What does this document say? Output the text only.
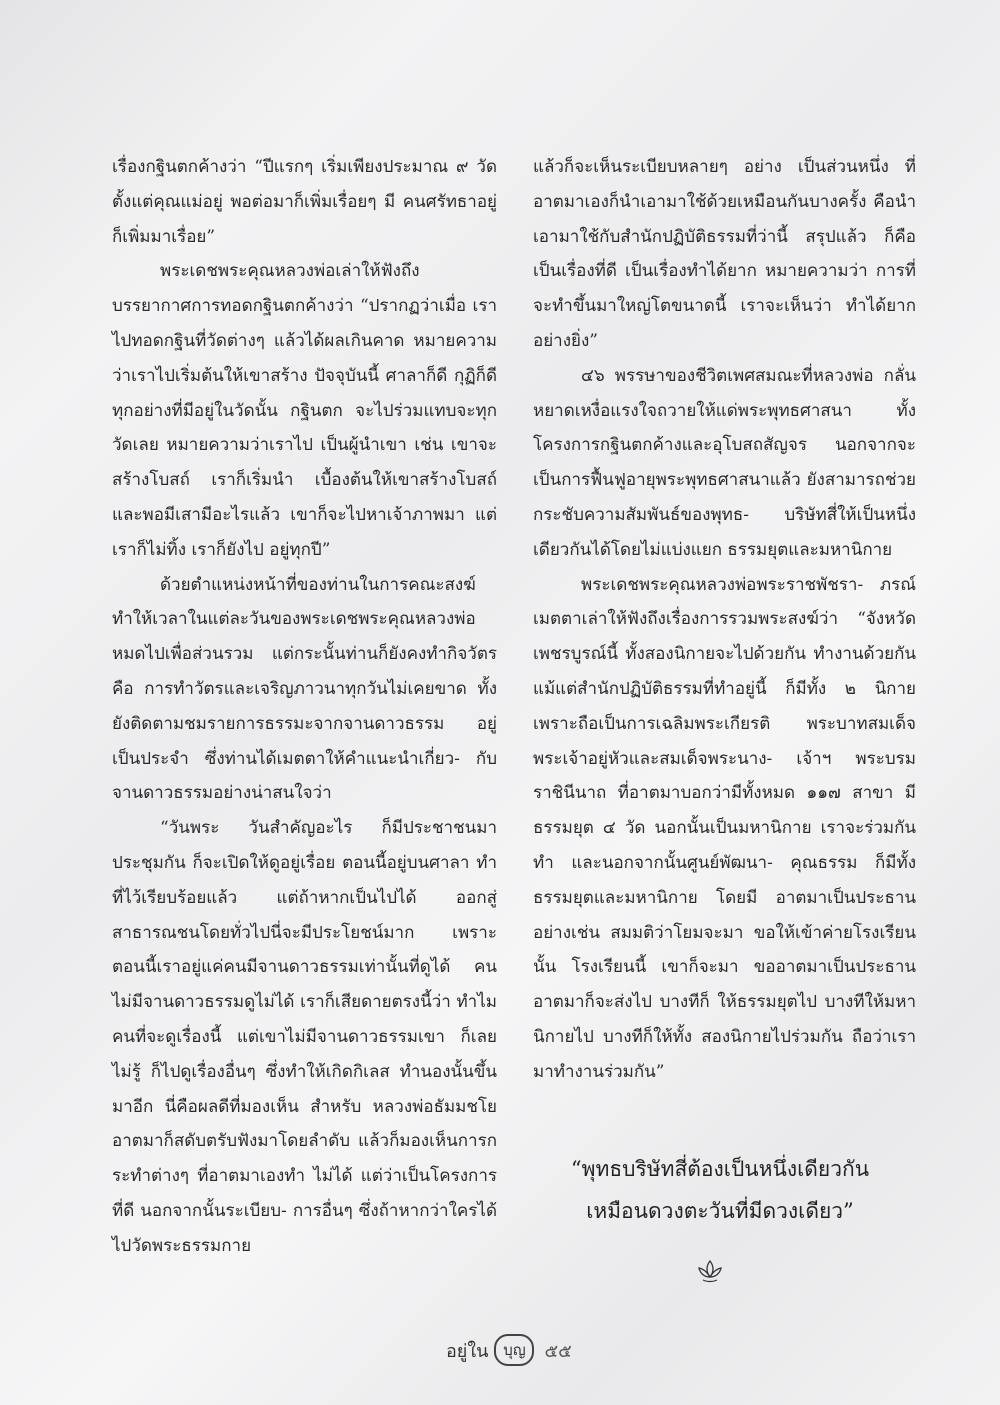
เรื่องกฐินตกค้างว่า “ปีแรกๆ เริ่มเพียงประมาณ ๙ วัด ตั้งแต่คุณแม่อยู่ พอต่อมาก็เพิ่มเรื่อยๆ มี คนศรัทธาอยู่ก็เพิ่มมาเรื่อย”

พระเดชพระคุณหลวงพ่อเล่าให้ฟังถึง บรรยากาศการทอดกฐินตกค้างว่า “ปรากฏว่าเมื่อ เราไปทอดกฐินที่วัดต่างๆ แล้วได้ผลเกินคาด หมายความว่าเราไปเริ่มต้นให้เขาสร้าง ปัจจุบันนี้ ศาลาก็ดี กุฏิก็ดี ทุกอย่างที่มีอยู่ในวัดนั้น กฐินตก จะไปร่วมแทบจะทุกวัดเลย หมายความว่าเราไป เป็นผู้นำเขา เช่น เขาจะสร้างโบสถ์ เราก็เริ่มนำ เบื้องต้นให้เขาสร้างโบสถ์ และพอมีเสามีอะไรแล้ว เขาก็จะไปหาเจ้าภาพมา แต่เราก็ไม่ทิ้ง เราก็ยังไป อยู่ทุกปี”

ด้วยตำแหน่งหน้าที่ของท่านในการคณะสงฆ์ ทำให้เวลาในแต่ละวันของพระเดชพระคุณหลวงพ่อ หมดไปเพื่อส่วนรวม แต่กระนั้นท่านก็ยังคงทำกิจวัตร คือ การทำวัตรและเจริญภาวนาทุกวันไม่เคยขาด ทั้งยังติดตามชมรายการธรรมะจากจานดาวธรรม อยู่เป็นประจำ ซึ่งท่านได้เมตตาให้คำแนะนำเกี่ยว- กับจานดาวธรรมอย่างน่าสนใจว่า

“วันพระ วันสำคัญอะไร ก็มีประชาชนมา ประชุมกัน ก็จะเปิดให้ดูอยู่เรื่อย ตอนนี้อยู่บนศาลา ทำที่ไว้เรียบร้อยแล้ว แต่ถ้าหากเป็นไปได้ ออกสู่ สาธารณชนโดยทั่วไปนี่จะมีประโยชน์มาก เพราะ ตอนนี้เราอยู่แค่คนมีจานดาวธรรมเท่านั้นที่ดูได้ คนไม่มีจานดาวธรรมดูไม่ได้ เราก็เสียดายตรงนี้ว่า ทำไมคนที่จะดูเรื่องนี้ แต่เขาไม่มีจานดาวธรรมเขา ก็เลยไม่รู้ ก็ไปดูเรื่องอื่นๆ ซึ่งทำให้เกิดกิเลส ทำนองนั้นขึ้นมาอีก นี่คือผลดีที่มองเห็น สำหรับ หลวงพ่อธัมมชโย อาตมาก็สดับตรับฟังมาโดยลำดับ แล้วก็มองเห็นการกระทำต่างๆ ที่อาตมาเองทำ ไม่ได้ แต่ว่าเป็นโครงการที่ดี นอกจากนั้นระเบียบ- การอื่นๆ ซึ่งถ้าหากว่าใครได้ไปวัดพระธรรมกาย

แล้วก็จะเห็นระเบียบหลายๆ อย่าง เป็นส่วนหนึ่ง ที่อาตมาเองก็นำเอามาใช้ด้วยเหมือนกันบางครั้ง คือนำเอามาใช้กับสำนักปฏิบัติธรรมที่ว่านี้ สรุปแล้ว ก็คือเป็นเรื่องที่ดี เป็นเรื่องทำได้ยาก หมายความว่า การที่จะทำขึ้นมาใหญ่โตขนาดนี้ เราจะเห็นว่า ทำได้ยากอย่างยิ่ง”

๔๖ พรรษาของชีวิตเพศสมณะที่หลวงพ่อ กลั่นหยาดเหงื่อแรงใจถวายให้แด่พระพุทธศาสนา ทั้งโครงการกฐินตกค้างและอุโบสถสัญจร นอกจากจะเป็นการฟื้นฟูอายุพระพุทธศาสนาแล้ว ยังสามารถช่วยกระชับความสัมพันธ์ของพุทธ- บริษัทสี่ให้เป็นหนึ่งเดียวกันได้โดยไม่แบ่งแยก ธรรมยุตและมหานิกาย

พระเดชพระคุณหลวงพ่อพระราชพัชรา- ภรณ์เมตตาเล่าให้ฟังถึงเรื่องการรวมพระสงฆ์ว่า “จังหวัดเพชรบูรณ์นี้ ทั้งสองนิกายจะไปด้วยกัน ทำงานด้วยกัน แม้แต่สำนักปฏิบัติธรรมที่ทำอยู่นี้ ก็มีทั้ง ๒ นิกาย เพราะถือเป็นการเฉลิมพระเกียรติ พระบาทสมเด็จพระเจ้าอยู่หัวและสมเด็จพระนาง- เจ้าฯ พระบรมราชินีนาถ ที่อาตมาบอกว่ามีทั้งหมด ๑๑๗ สาขา มีธรรมยุต ๔ วัด นอกนั้นเป็นมหานิกาย เราจะร่วมกันทำ และนอกจากนั้นศูนย์พัฒนา- คุณธรรม ก็มีทั้งธรรมยุตและมหานิกาย โดยมี อาตมาเป็นประธาน อย่างเช่น สมมติว่าโยมจะมา ขอให้เข้าค่ายโรงเรียนนั้น โรงเรียนนี้ เขาก็จะมา ขออาตมาเป็นประธาน อาตมาก็จะส่งไป บางทีก็ ให้ธรรมยุตไป บางทีให้มหานิกายไป บางทีก็ให้ทั้ง สองนิกายไปร่วมกัน ถือว่าเรามาทำงานร่วมกัน”

“พุทธบริษัทสี่ต้องเป็นหนึ่งเดียวกัน
เหมือนดวงตะวันที่มีดวงเดียว”
อยู่ใน บุญ	๕๕
